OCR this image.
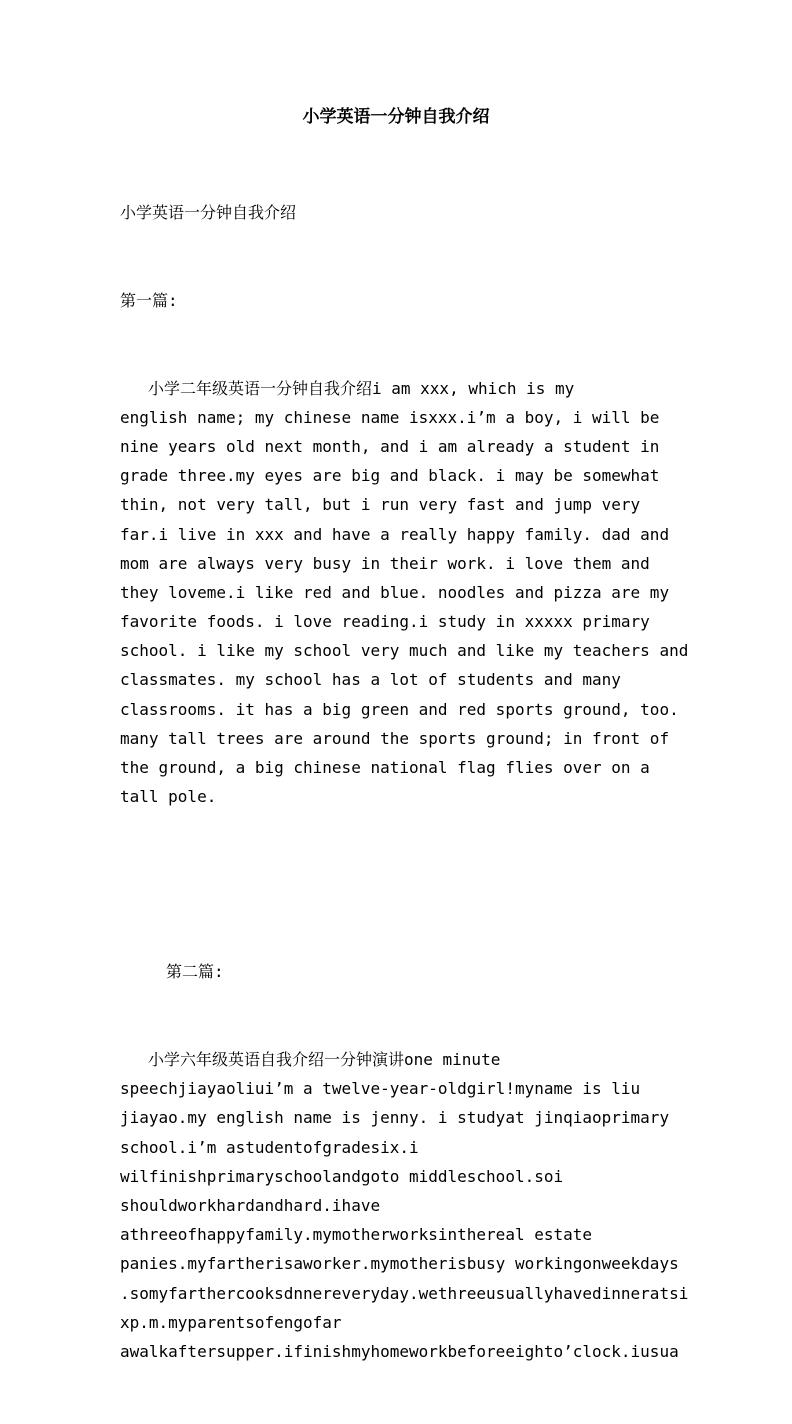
小学英语一分钟自我介绍

小学英语一分钟自我介绍

第一篇:

小学二年级英语一分钟自我介绍i am xxx, which is my
english name; my chinese name isxxx.i’m a boy, i will be
nine years old next month, and i am already a student in
grade three.my eyes are big and black. i may be somewhat
thin, not very tall, but i run very fast and jump very
far.i live in xxx and have a really happy family. dad and
mom are always very busy in their work. i love them and
they loveme.i like red and blue. noodles and pizza are my
favorite foods. i love reading.i study in xxxxx primary
school. i like my school very much and like my teachers and
classmates. my school has a lot of students and many
classrooms. it has a big green and red sports ground, too.
many tall trees are around the sports ground; in front of
the ground, a big chinese national flag flies over on a
tall pole.

第二篇:

小学六年级英语自我介绍一分钟演讲one minute
speechjiayaoliui’m a twelve-year-oldgirl!myname is liu
jiayao.my english name is jenny. i studyat jinqiaoprimary
school.i’m astudentofgradesix.i
wilfinishprimaryschoolandgoto middleschool.soi
shouldworkhardandhard.ihave
athreeofhappyfamily.mymotherworksinthereal estate
panies.myfartherisaworker.mymotherisbusy workingonweekdays
.somyfarthercooksdnnereveryday.wethreeusuallyhavedinneratsi
xp.m.myparentsofengofar
awalkaftersupper.ifinishmyhomeworkbeforeeighto’clock.iusua
